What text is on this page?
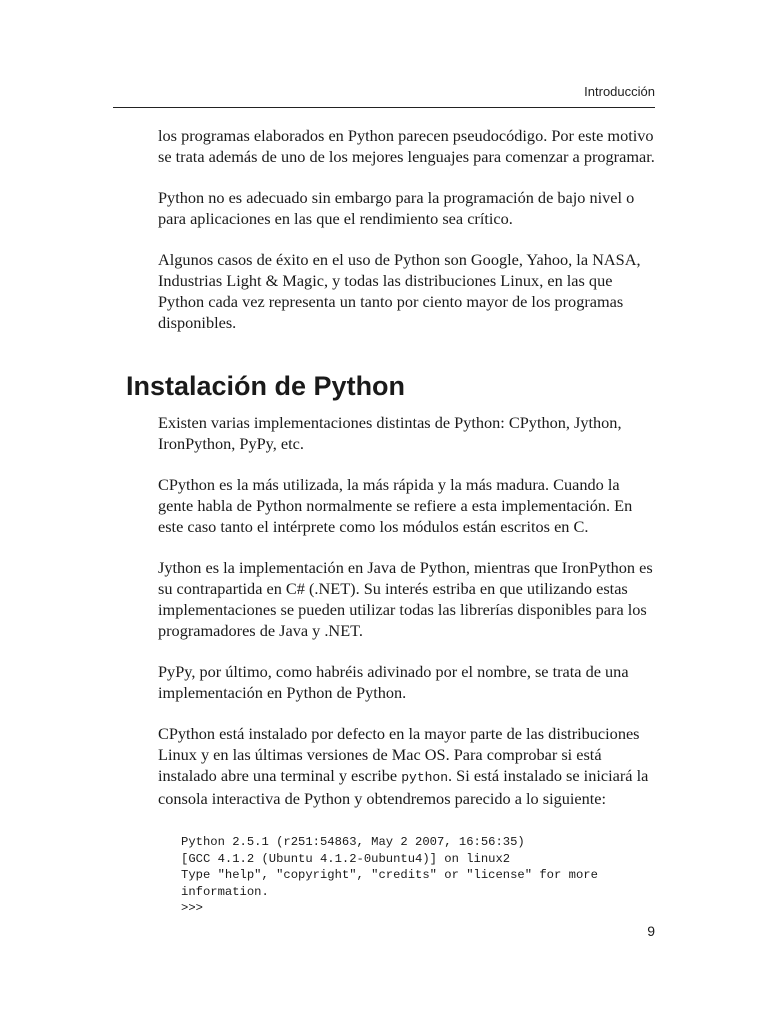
Introducción

los programas elaborados en Python parecen pseudocódigo. Por este motivo se trata además de uno de los mejores lenguajes para comenzar a programar.

Python no es adecuado sin embargo para la programación de bajo nivel o para aplicaciones en las que el rendimiento sea crítico.

Algunos casos de éxito en el uso de Python son Google, Yahoo, la NASA, Industrias Light & Magic, y todas las distribuciones Linux, en las que Python cada vez representa un tanto por ciento mayor de los programas disponibles.

Instalación de Python

Existen varias implementaciones distintas de Python: CPython, Jython, IronPython, PyPy, etc.

CPython es la más utilizada, la más rápida y la más madura. Cuando la gente habla de Python normalmente se refiere a esta implementación. En este caso tanto el intérprete como los módulos están escritos en C.

Jython es la implementación en Java de Python, mientras que IronPython es su contrapartida en C# (.NET). Su interés estriba en que utilizando estas implementaciones se pueden utilizar todas las librerías disponibles para los programadores de Java y .NET.

PyPy, por último, como habréis adivinado por el nombre, se trata de una implementación en Python de Python.

CPython está instalado por defecto en la mayor parte de las distribuciones Linux y en las últimas versiones de Mac OS. Para comprobar si está instalado abre una terminal y escribe python. Si está instalado se iniciará la consola interactiva de Python y obtendremos parecido a lo siguiente:

Python 2.5.1 (r251:54863, May 2 2007, 16:56:35)
[GCC 4.1.2 (Ubuntu 4.1.2-0ubuntu4)] on linux2
Type "help", "copyright", "credits" or "license" for more
information.
>>>
9
